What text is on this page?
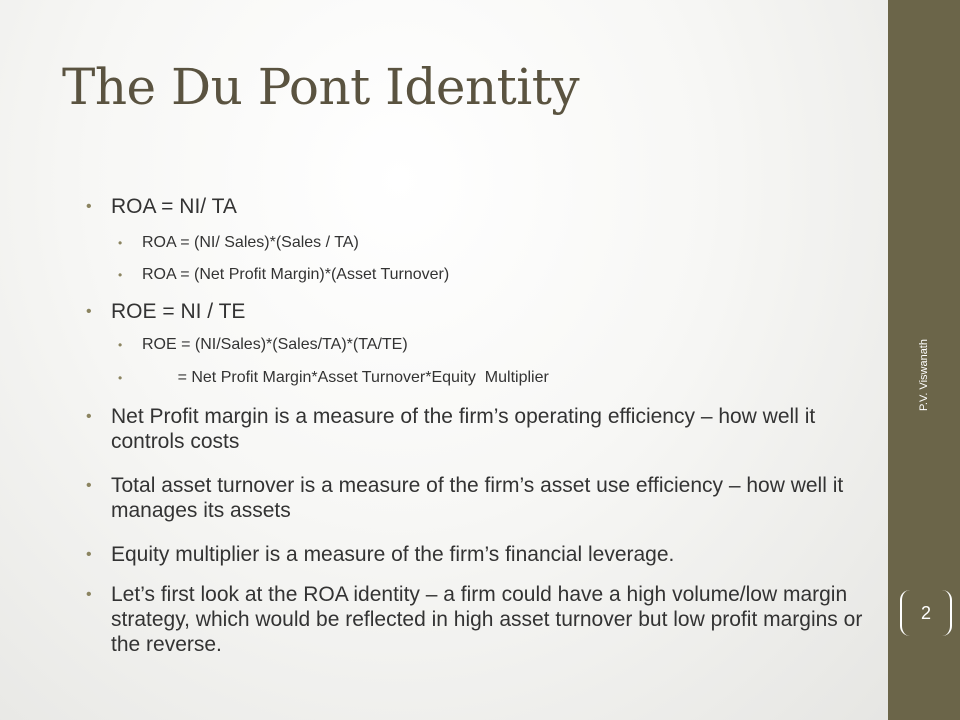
The Du Pont Identity
• ROA = NI/ TA
• ROA = (NI/ Sales)*(Sales / TA)
• ROA = (Net Profit Margin)*(Asset Turnover)
• ROE = NI / TE
• ROE = (NI/Sales)*(Sales/TA)*(TA/TE)
• = Net Profit Margin*Asset Turnover*Equity  Multiplier
• Net Profit margin is a measure of the firm’s operating efficiency – how well it controls costs
• Total asset turnover is a measure of the firm’s asset use efficiency – how well it manages its assets
• Equity multiplier is a measure of the firm’s financial leverage.
• Let’s first look at the ROA identity – a firm could have a high volume/low margin strategy, which would be reflected in high asset turnover but low profit margins or the reverse.
P.V. Viswanath
2
